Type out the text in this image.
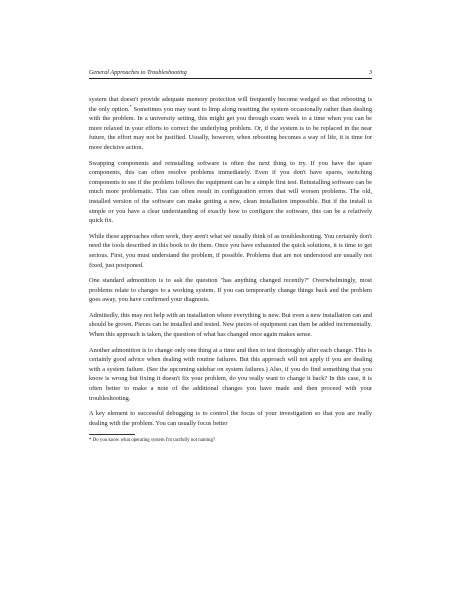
General Approaches to Troubleshooting	3

system that doesn't provide adequate memory protection will frequently become wedged so that rebooting is the only option.* Sometimes you may want to limp along resetting the system occasionally rather than dealing with the problem. In a university setting, this might get you through exam week to a time when you can be more relaxed in your efforts to correct the underlying problem. Or, if the system is to be replaced in the near future, the effort may not be justified. Usually, however, when rebooting becomes a way of life, it is time for more decisive action.

Swapping components and reinstalling software is often the next thing to try. If you have the spare components, this can often resolve problems immediately. Even if you don't have spares, switching components to see if the problem follows the equipment can be a simple first test. Reinstalling software can be much more problematic. This can often result in configuration errors that will worsen problems. The old, installed version of the software can make getting a new, clean installation impossible. But if the install is simple or you have a clear understanding of exactly how to configure the software, this can be a relatively quick fix.

While these approaches often work, they aren't what we usually think of as troubleshooting. You certainly don't need the tools described in this book to do them. Once you have exhausted the quick solutions, it is time to get serious. First, you must understand the problem, if possible. Problems that are not understood are usually not fixed, just postponed.

One standard admonition is to ask the question "has anything changed recently?" Overwhelmingly, most problems relate to changes to a working system. If you can temporarily change things back and the problem goes away, you have confirmed your diagnosis.

Admittedly, this may not help with an installation where everything is new. But even a new installation can and should be grown. Pieces can be installed and tested. New pieces of equipment can then be added incrementally. When this approach is taken, the question of what has changed once again makes sense.

Another admonition is to change only one thing at a time and then to test thoroughly after each change. This is certainly good advice when dealing with routine failures. But this approach will not apply if you are dealing with a system failure. (See the upcoming sidebar on system failures.) Also, if you do find something that you know is wrong but fixing it doesn't fix your problem, do you really want to change it back? In this case, it is often better to make a note of the additional changes you have made and then proceed with your troubleshooting.

A key element to successful debugging is to control the focus of your investigation so that you are really dealing with the problem. You can usually focus better

* Do you know what operating system I'm tactfully not naming?
